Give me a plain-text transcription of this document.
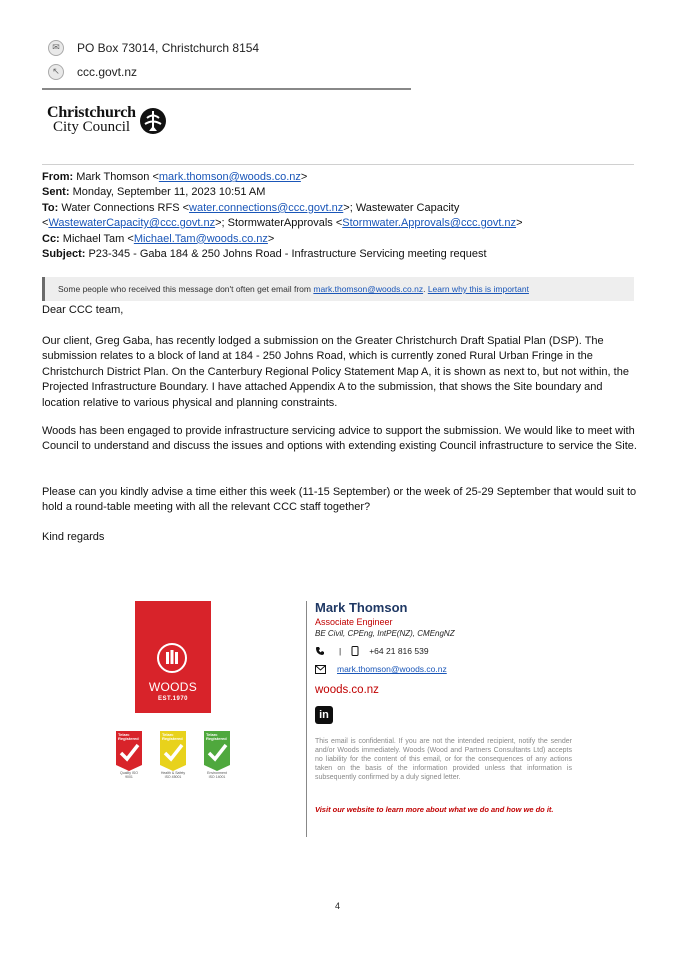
✉	PO Box 73014, Christchurch 8154
↖	ccc.govt.nz
Christchurch
City Council
From: Mark Thomson <mark.thomson@woods.co.nz>
Sent: Monday, September 11, 2023 10:51 AM
To: Water Connections RFS <water.connections@ccc.govt.nz>; Wastewater Capacity
<WastewaterCapacity@ccc.govt.nz>; StormwaterApprovals <Stormwater.Approvals@ccc.govt.nz>
Cc: Michael Tam <Michael.Tam@woods.co.nz>
Subject: P23-345 - Gaba 184 & 250 Johns Road - Infrastructure Servicing meeting request
Some people who received this message don't often get email from mark.thomson@woods.co.nz. Learn why this is important
Dear CCC team,
Our client, Greg Gaba, has recently lodged a submission on the Greater Christchurch Draft Spatial Plan (DSP). The submission relates to a block of land at 184 - 250 Johns Road, which is currently zoned Rural Urban Fringe in the Christchurch District Plan. On the Canterbury Regional Policy Statement Map A, it is shown as next to, but not within, the Projected Infrastructure Boundary. I have attached Appendix A to the submission, that shows the Site boundary and location relative to various physical and planning constraints.
Woods has been engaged to provide infrastructure servicing advice to support the submission. We would like to meet with Council to understand and discuss the issues and options with extending existing Council infrastructure to service the Site.
Please can you kindly advise a time either this week (11-15 September) or the week of 25-29 September that would suit to hold a round-table meeting with all the relevant CCC staff together?
Kind regards
WOODS
EST.1970
Telarc Registered
Quality ISO 9001
Telarc Registered
Health & Safety ISO 45001
Telarc Registered
Environment ISO 14001
Mark Thomson
Associate Engineer
BE Civil, CPEng, IntPE(NZ), CMEngNZ
|	+64 21 816 539
mark.thomson@woods.co.nz
woods.co.nz
in
This email is confidential. If you are not the intended recipient, notify the sender and/or Woods immediately. Woods (Wood and Partners Consultants Ltd) accepts no liability for the content of this email, or for the consequences of any actions taken on the basis of the information provided unless that information is subsequently confirmed by a duly signed letter.
Visit our website to learn more about what we do and how we do it.
4
